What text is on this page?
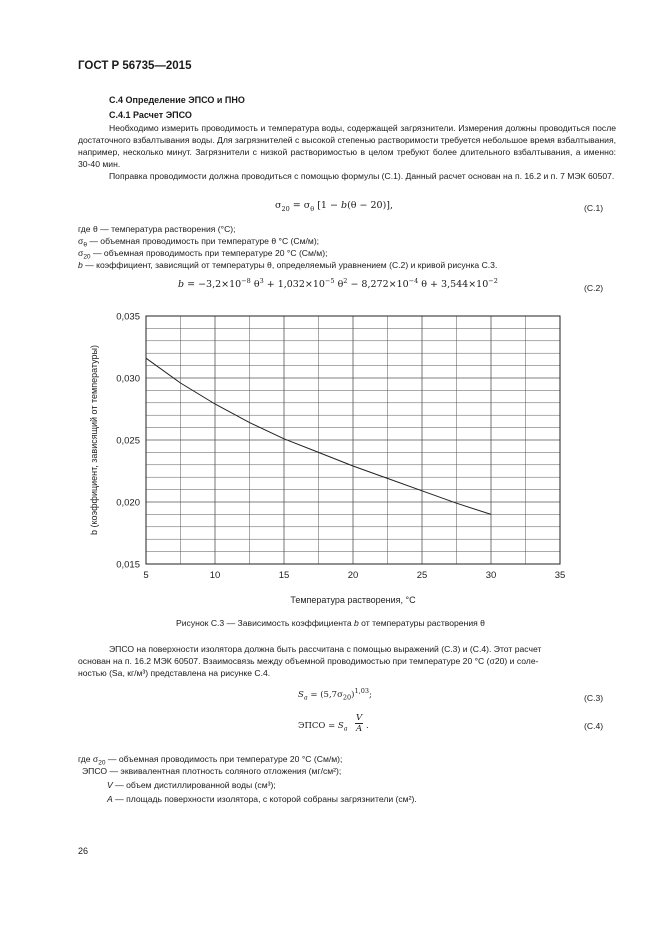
ГОСТ Р 56735—2015
С.4 Определение ЭПСО и ПНО
С.4.1 Расчет ЭПСО
Необходимо измерить проводимость и температура воды, содержащей загрязнители. Измерения должны проводиться после достаточного взбалтывания воды. Для загрязнителей с высокой степенью растворимости требуется небольшое время взбалтывания, например, несколько минут. Загрязнители с низкой растворимостью в целом требуют более длительного взбалтывания, а именно: 30-40 мин.
Поправка проводимости должна проводиться с помощью формулы (С.1). Данный расчет основан на п. 16.2 и п. 7 МЭК 60507.
$\sigma_{20} = \sigma_\theta$ [1 − b(θ − 20)],	(С.1)
где θ — температура растворения (°С);
$\sigma_\theta$ — объемная проводимость при температуре θ °С (См/м);
$\sigma_{20}$ — объемная проводимость при температуре 20 °С (См/м);
b — коэффициент, зависящий от температуры θ, определяемый уравнением (С.2) и кривой рисунка С.3.
$b = -3,2\times 10^{-8}$ $\theta^3 + 1,032\times 10^{-5}$ $\theta^2 - 8,272\times 10^{-4}$ $\theta + 3,544\times 10^{-2}$
(С.2)
5	10	15	20	25	30	35
0,015
0,020
0,025
0,030
0,035
Температура растворения, °С
b (коэффициент, зависящий от температуры)
Рисунок С.3 — Зависимость коэффициента b от температуры растворения θ
ЭПСО на поверхности изолятора должна быть рассчитана с помощью выражений (С.3) и (С.4). Этот расчет
основан на п. 16.2 МЭК 60507. Взаимосвязь между объемной проводимостью при температуре 20 °С (σ20) и соле-
ностью (Sa, кг/м³) представлена на рисунке С.4.
$S_a = (5,7\sigma_{20})^{1,03}$;	(С.3)
ЭПСО = $S_a$
V
A .	(С.4)
где $\sigma_{20}$ — объемная проводимость при температуре 20 °С (См/м);
ЭПСО — эквивалентная плотность соляного отложения (мг/см²);
V — объем дистиллированной воды (см³);
A — площадь поверхности изолятора, с которой собраны загрязнители (см²).
26
